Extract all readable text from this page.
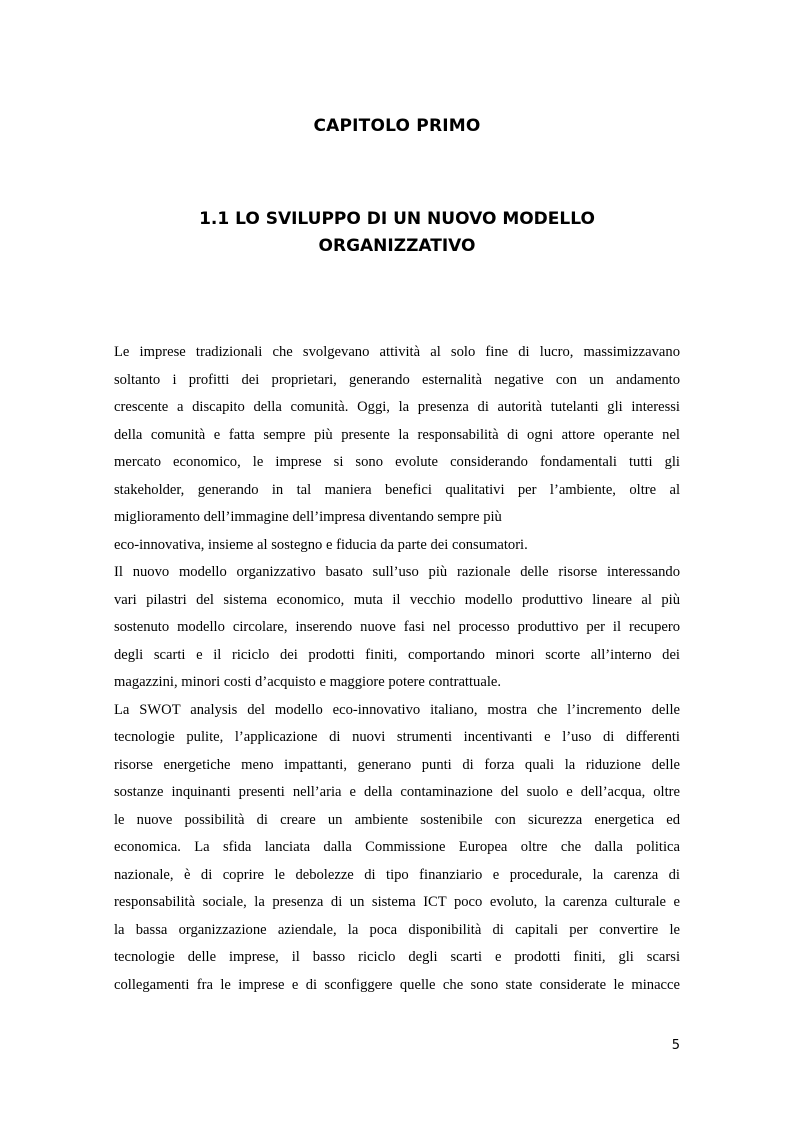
CAPITOLO PRIMO
1.1 LO SVILUPPO DI UN NUOVO MODELLO
ORGANIZZATIVO
Le imprese tradizionali che svolgevano attività al solo fine di lucro, massimizzavano
soltanto i profitti dei proprietari, generando esternalità negative con un andamento
crescente a discapito della comunità. Oggi, la presenza di autorità tutelanti gli interessi
della comunità e fatta sempre più presente la responsabilità di ogni attore operante nel
mercato economico, le imprese si sono evolute considerando fondamentali tutti gli
stakeholder, generando in tal maniera benefici qualitativi per l’ambiente, oltre al
miglioramento dell’immagine dell’impresa diventando sempre più
eco-innovativa, insieme al sostegno e fiducia da parte dei consumatori.
Il nuovo modello organizzativo basato sull’uso più razionale delle risorse interessando
vari pilastri del sistema economico, muta il vecchio modello produttivo lineare al più
sostenuto modello circolare, inserendo nuove fasi nel processo produttivo per il recupero
degli scarti e il riciclo dei prodotti finiti, comportando minori scorte all’interno dei
magazzini, minori costi d’acquisto e maggiore potere contrattuale.
La SWOT analysis del modello eco-innovativo italiano, mostra che l’incremento delle
tecnologie pulite, l’applicazione di nuovi strumenti incentivanti e l’uso di differenti
risorse energetiche meno impattanti, generano punti di forza quali la riduzione delle
sostanze inquinanti presenti nell’aria e della contaminazione del suolo e dell’acqua, oltre
le nuove possibilità di creare un ambiente sostenibile con sicurezza energetica ed
economica. La sfida lanciata dalla Commissione Europea oltre che dalla politica
nazionale, è di coprire le debolezze di tipo finanziario e procedurale, la carenza di
responsabilità sociale, la presenza di un sistema ICT poco evoluto, la carenza culturale e
la bassa organizzazione aziendale, la poca disponibilità di capitali per convertire le
tecnologie delle imprese, il basso riciclo degli scarti e prodotti finiti, gli scarsi
collegamenti fra le imprese e di sconfiggere quelle che sono state considerate le minacce
5
